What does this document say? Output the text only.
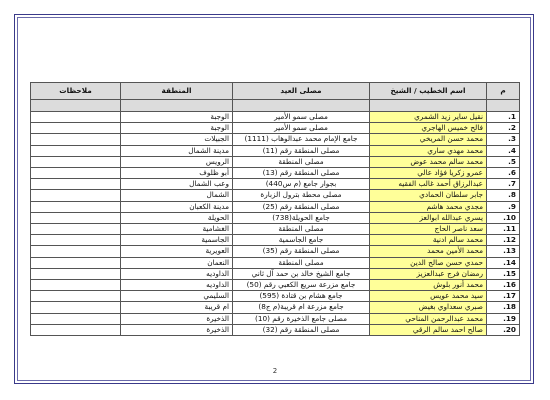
م	اسم الخطيب / الشيخ	مصلى العيد	المنطقة	ملاحظات

1.	نقيل ساير زيد الشمري	مصلى سمو الأمير	الوجبة	
2.	فالح خميس الهاجري	مصلى سمو الأمير	الوجبة	
3.	محمد حسن المريخي	جامع الإمام محمد عبدالوهاب (1111)	الجبيلات	
4.	محمد مهدي ساري	مصلى المنطقة رقم (11)	مدينة الشمال	
5.	محمد سالم محمد عوض	مصلى المنطقة	الرويس	
6.	عمرو زكريا فؤاد عالي	مصلى المنطقة رقم (13)	أبو ظلوف	
7.	عبدالرزاق أحمد غالب الفقيه	بجوار جامع (م س440)	وعب الشمال	
8.	جابر سلطان الحمادي	مصلى محطة بترول الزبارة	الشمال	
9.	مجدي محمد هاشم	مصلى المنطقة رقم (25)	مدينة الكعبان	
10.	يسري عبدالله ابوالعز	جامع الحويلة(738)	الحويلة	
11.	سعد ناصر الحاج	مصلى المنطقة	الغشامية	
12.	محمد سالم ادنية	جامع الجاسمية	الجاسمية	
13.	محمد الأمين محمد	مصلى المنطقة رقم (35)	العويرية	
14.	حمدي حسن صالح الدين	مصلى المنطقة	النعمان	
15.	رمضان فرج عبدالعزيز	جامع الشيخ خالد بن حمد آل ثاني	الداوديه	
16.	محمد أنور بلوش	جامع مزرعة سريع الكعبي رقم (50)	الداوديه	
17.	سيد محمد عويس	جامع هشام بن قتادة (595)	السليمي	
18.	صبري سعداوي بغيض	جامع مزرعة ام قريبة(م ج8)	ام قريبة	
19.	محمد عبدالرحمن المناحي	مصلى جامع الذخيرة رقم (10)	الذخيرة	
20.	صالح احمد سالم الرقي	مصلى المنطقة رقم (32)	الذخيرة	
2
